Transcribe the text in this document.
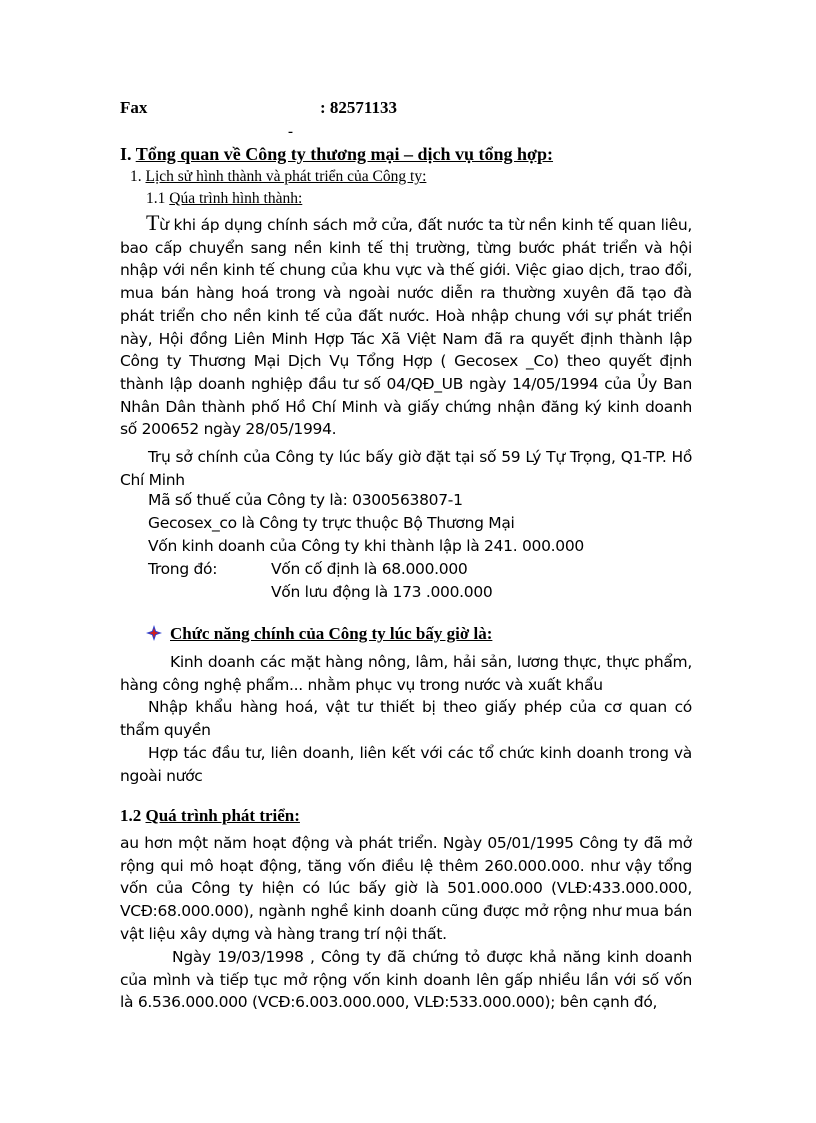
Fax	: 82571133
-
I. Tổng quan về Công ty thương mại – dịch vụ tổng hợp:
1. Lịch sử hình thành và phát triển của Công ty:
1.1 Qúa trình hình thành:
Từ khi áp dụng chính sách mở cửa, đất nước ta từ nền kinh tế quan liêu, bao cấp chuyển sang nền kinh tế thị trường, từng bước phát triển và hội nhập với nền kinh tế chung của khu vực và thế giới. Việc giao dịch, trao đổi, mua bán hàng hoá trong và ngoài nước diễn ra thường xuyên đã tạo đà phát triển cho nền kinh tế của đất nước. Hoà nhập chung với sự phát triển này, Hội đồng Liên Minh Hợp Tác Xã Việt Nam đã ra quyết định thành lập Công ty Thương Mại Dịch Vụ Tổng Hợp ( Gecosex _Co) theo quyết định thành lập doanh nghiệp đầu tư số 04/QĐ_UB ngày 14/05/1994 của Ủy Ban Nhân Dân thành phố Hồ Chí Minh và giấy chứng nhận đăng ký kinh doanh số 200652 ngày 28/05/1994.
Trụ sở chính của Công ty lúc bấy giờ đặt tại số 59 Lý Tự Trọng, Q1-TP. Hồ Chí Minh
Mã số thuế của Công ty là: 0300563807-1
Gecosex_co là Công ty trực thuộc Bộ Thương Mại
Vốn kinh doanh của Công ty khi thành lập là 241. 000.000
Trong đó:	Vốn cố định là 68.000.000
Vốn lưu động là 173 .000.000
Chức năng chính của Công ty lúc bấy giờ là:
Kinh doanh các mặt hàng nông, lâm, hải sản, lương thực, thực phẩm, hàng công nghệ phẩm... nhằm phục vụ trong nước và xuất khẩu
Nhập khẩu hàng hoá, vật tư thiết bị theo giấy phép của cơ quan có thẩm quyền
Hợp tác đầu tư, liên doanh, liên kết với các tổ chức kinh doanh trong và ngoài nước
1.2 Quá trình phát triển:
au hơn một năm hoạt động và phát triển. Ngày 05/01/1995 Công ty đã mở rộng qui mô hoạt động, tăng vốn điều lệ thêm 260.000.000. như vậy tổng vốn của Công ty hiện có lúc bấy giờ là 501.000.000 (VLĐ:433.000.000, VCĐ:68.000.000), ngành nghề kinh doanh cũng được mở rộng như mua bán vật liệu xây dựng và hàng trang trí nội thất.
Ngày 19/03/1998 , Công ty đã chứng tỏ được khả năng kinh doanh của mình và tiếp tục mở rộng vốn kinh doanh lên gấp nhiều lần với số vốn là 6.536.000.000 (VCĐ:6.003.000.000, VLĐ:533.000.000); bên cạnh đó,
